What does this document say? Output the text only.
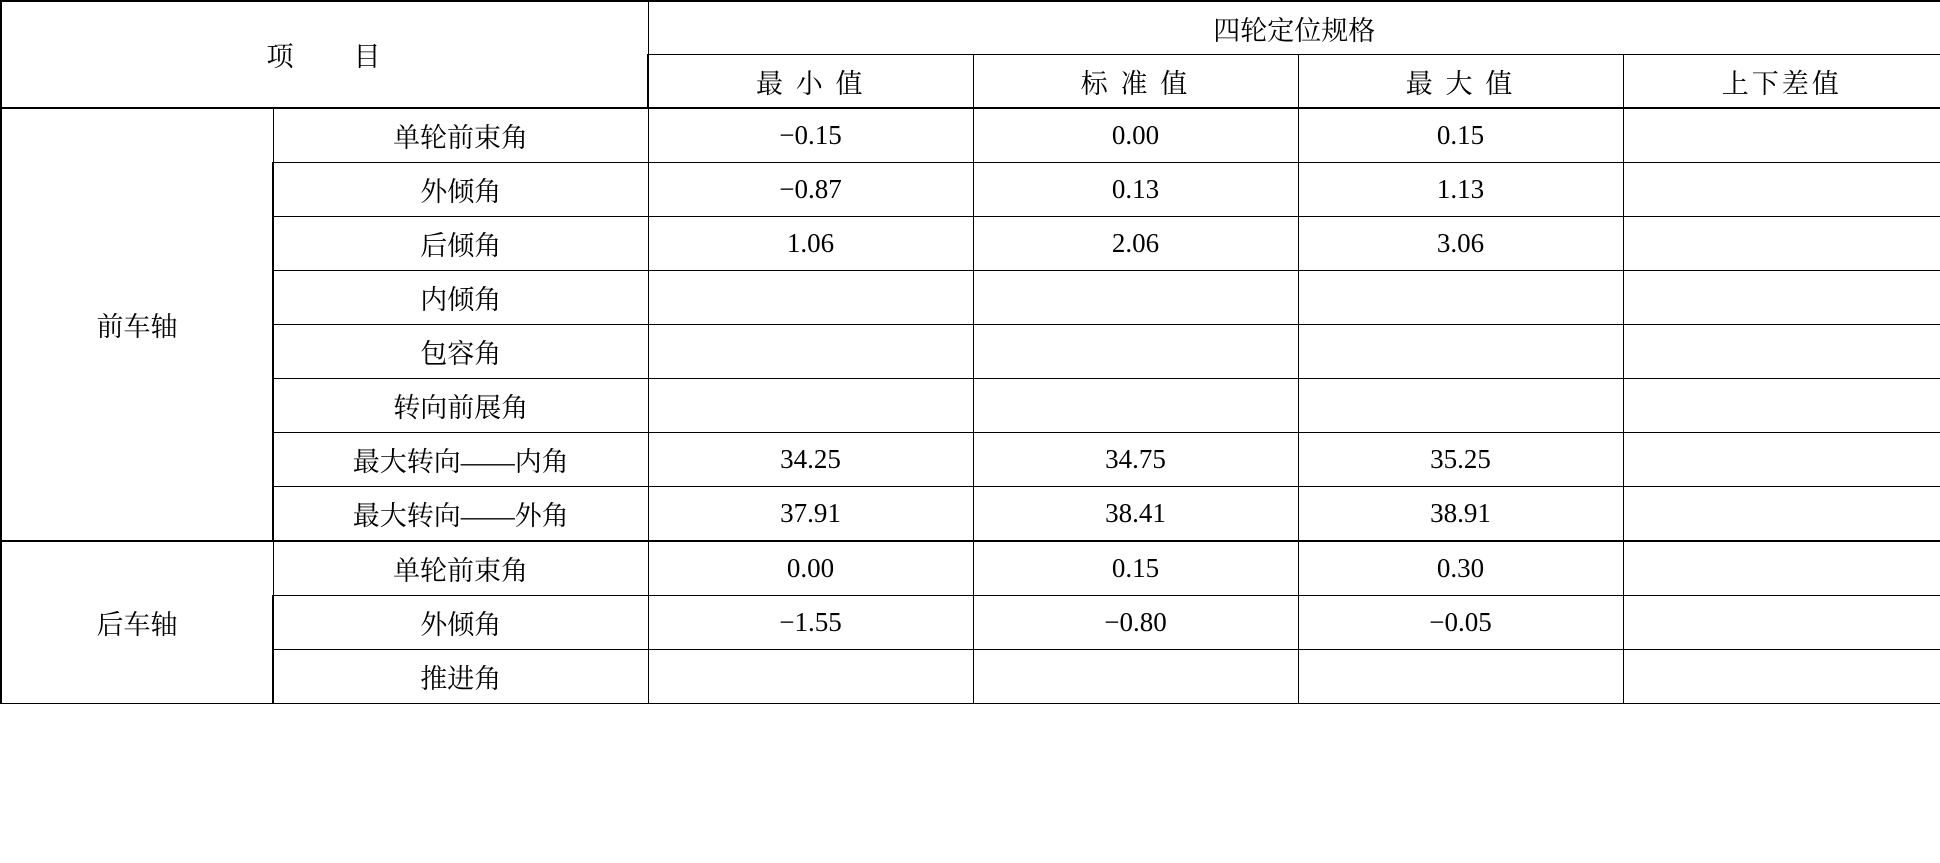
项　　目		四轮定位规格			
		最 小 值	标 准 值	最 大 值	上下差值
前车轴	单轮前束角	−0.15	0.00	0.15	
	外倾角	−0.87	0.13	1.13	
	后倾角	1.06	2.06	3.06	
	内倾角				
	包容角				
	转向前展角				
	最大转向——内角	34.25	34.75	35.25	
	最大转向——外角	37.91	38.41	38.91	
后车轴	单轮前束角	0.00	0.15	0.30	
	外倾角	−1.55	−0.80	−0.05	
	推进角				
